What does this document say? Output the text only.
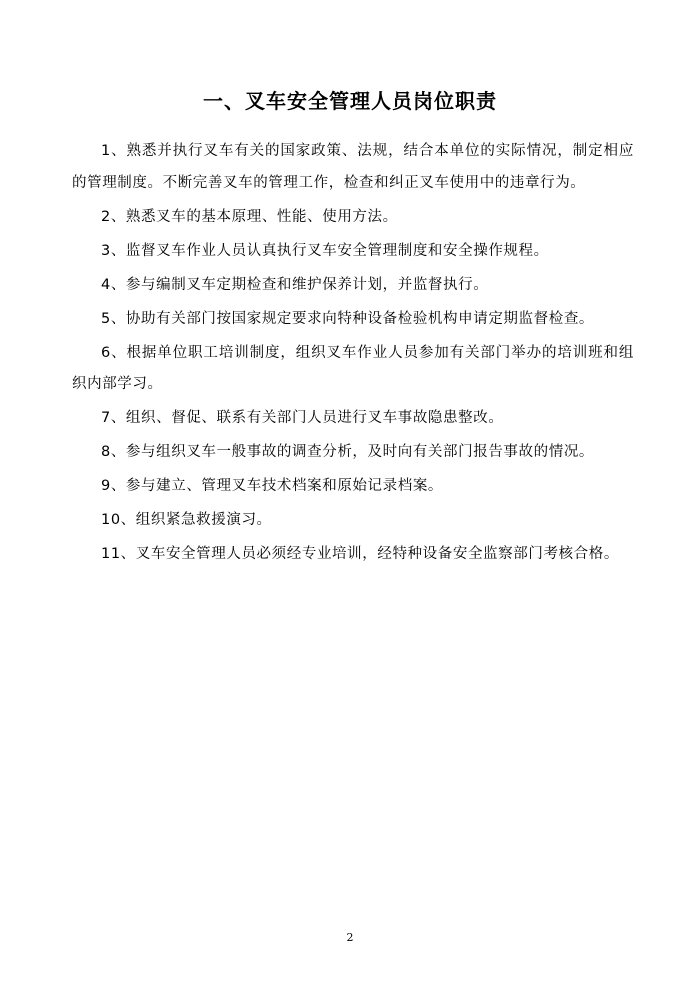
一、叉车安全管理人员岗位职责

1、熟悉并执行叉车有关的国家政策、法规，结合本单位的实际情况，制定相应的管理制度。不断完善叉车的管理工作，检查和纠正叉车使用中的违章行为。

2、熟悉叉车的基本原理、性能、使用方法。

3、监督叉车作业人员认真执行叉车安全管理制度和安全操作规程。

4、参与编制叉车定期检查和维护保养计划，并监督执行。

5、协助有关部门按国家规定要求向特种设备检验机构申请定期监督检查。

6、根据单位职工培训制度，组织叉车作业人员参加有关部门举办的培训班和组织内部学习。

7、组织、督促、联系有关部门人员进行叉车事故隐患整改。

8、参与组织叉车一般事故的调查分析，及时向有关部门报告事故的情况。

9、参与建立、管理叉车技术档案和原始记录档案。

10、组织紧急救援演习。

11、叉车安全管理人员必须经专业培训，经特种设备安全监察部门考核合格。

2
